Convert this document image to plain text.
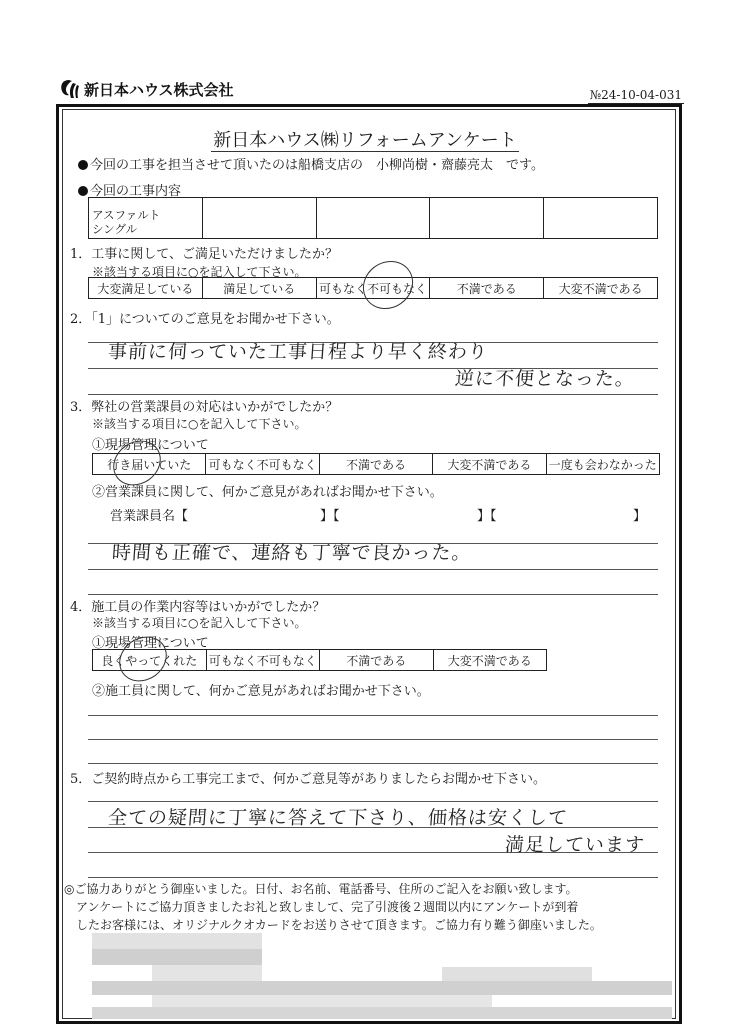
新日本ハウス株式会社	№24-10-04-031
新日本ハウス㈱リフォームアンケート
今回の工事を担当させて頂いたのは船橋支店の　小柳尚樹・齋藤亮太　です。
今回の工事内容
アスファルト
シングル				
1．工事に関して、ご満足いただけましたか？
※該当する項目に○を記入して下さい。
大変満足している	満足している	可もなく不可もなく	不満である	大変不満である
2．「1」についてのご意見をお聞かせ下さい。
事前に伺っていた工事日程より早く終わり
逆に不便となった。
3．弊社の営業課員の対応はいかがでしたか？
※該当する項目に○を記入して下さい。
①現場管理について
行き届いていた	可もなく不可もなく	不満である	大変不満である	一度も会わなかった
②営業課員に関して、何かご意見があればお聞かせ下さい。
営業課員名【	】【	】【	】
時間も正確で、連絡も丁寧で良かった。
4．施工員の作業内容等はいかがでしたか？
※該当する項目に○を記入して下さい。
①現場管理について
良くやってくれた	可もなく不可もなく	不満である	大変不満である
②施工員に関して、何かご意見があればお聞かせ下さい。
5．ご契約時点から工事完工まで、何かご意見等がありましたらお聞かせ下さい。
全ての疑問に丁寧に答えて下さり、価格は安くして
満足しています
◎ご協力ありがとう御座いました。日付、お名前、電話番号、住所のご記入をお願い致します。
　アンケートにご協力頂きましたお礼と致しまして、完了引渡後２週間以内にアンケートが到着
　したお客様には、オリジナルクオカードをお送りさせて頂きます。ご協力有り難う御座いました。
